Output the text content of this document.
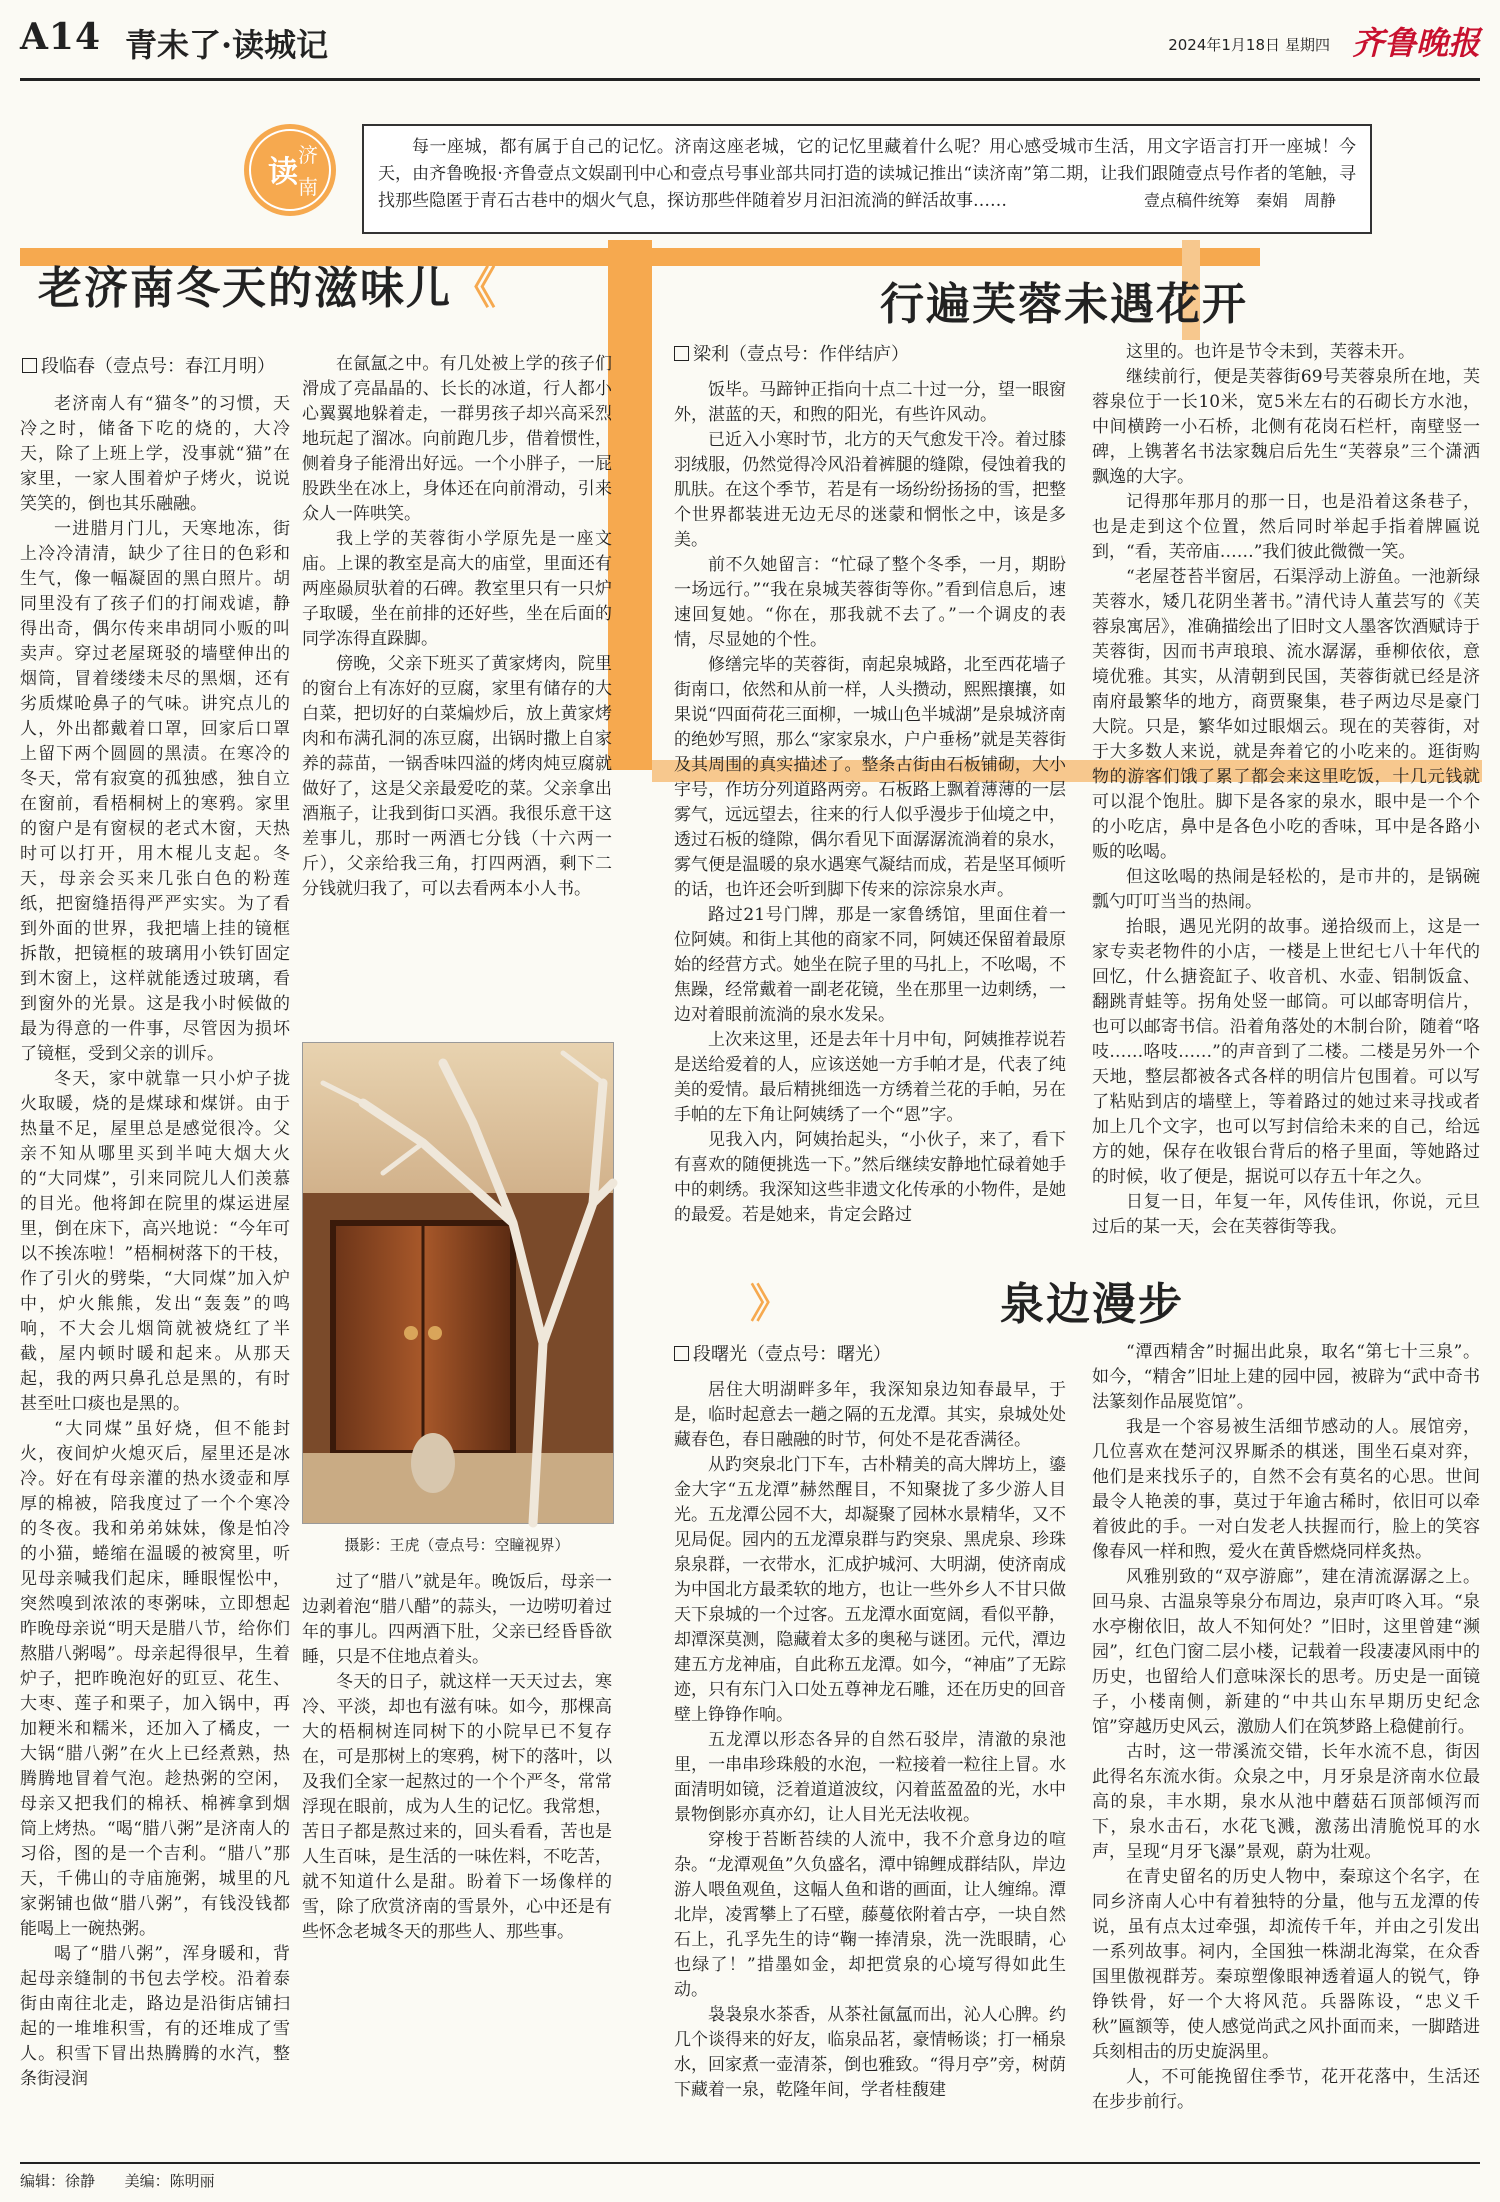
A14 青未了·读城记	2024年1月18日 星期四 齐鲁晚报
读 济
南
每一座城，都有属于自己的记忆。济南这座老城，它的记忆里藏着什么呢？用心感受城市生活，用文字语言打开一座城！今天，由齐鲁晚报·齐鲁壹点文娱副刊中心和壹点号事业部共同打造的读城记推出“读济南”第二期，让我们跟随壹点号作者的笔触，寻找那些隐匿于青石古巷中的烟火气息，探访那些伴随着岁月汩汩流淌的鲜活故事……	壹点稿件统筹　秦娟　周静
老济南冬天的滋味儿《
段临春（壹点号：春江月明）

老济南人有“猫冬”的习惯，天冷之时，储备下吃的烧的，大冷天，除了上班上学，没事就“猫”在家里，一家人围着炉子烤火，说说笑笑的，倒也其乐融融。

一进腊月门儿，天寒地冻，街上冷冷清清，缺少了往日的色彩和生气，像一幅凝固的黑白照片。胡同里没有了孩子们的打闹戏谑，静得出奇，偶尔传来串胡同小贩的叫卖声。穿过老屋斑驳的墙壁伸出的烟筒，冒着缕缕未尽的黑烟，还有劣质煤呛鼻子的气味。讲究点儿的人，外出都戴着口罩，回家后口罩上留下两个圆圆的黑渍。在寒冷的冬天，常有寂寞的孤独感，独自立在窗前，看梧桐树上的寒鸦。家里的窗户是有窗棂的老式木窗，天热时可以打开，用木棍儿支起。冬天，母亲会买来几张白色的粉莲纸，把窗缝捂得严严实实。为了看到外面的世界，我把墙上挂的镜框拆散，把镜框的玻璃用小铁钉固定到木窗上，这样就能透过玻璃，看到窗外的光景。这是我小时候做的最为得意的一件事，尽管因为损坏了镜框，受到父亲的训斥。

冬天，家中就靠一只小炉子拢火取暖，烧的是煤球和煤饼。由于热量不足，屋里总是感觉很冷。父亲不知从哪里买到半吨大烟大火的“大同煤”，引来同院儿人们羡慕的目光。他将卸在院里的煤运进屋里，倒在床下，高兴地说：“今年可以不挨冻啦！”梧桐树落下的干枝，作了引火的劈柴，“大同煤”加入炉中，炉火熊熊，发出“轰轰”的鸣响，不大会儿烟筒就被烧红了半截，屋内顿时暖和起来。从那天起，我的两只鼻孔总是黑的，有时甚至吐口痰也是黑的。

“大同煤”虽好烧，但不能封火，夜间炉火熄灭后，屋里还是冰冷。好在有母亲灌的热水烫壶和厚厚的棉被，陪我度过了一个个寒冷的冬夜。我和弟弟妹妹，像是怕冷的小猫，蜷缩在温暖的被窝里，听见母亲喊我们起床，睡眼惺忪中，突然嗅到浓浓的枣粥味，立即想起昨晚母亲说“明天是腊八节，给你们熬腊八粥喝”。母亲起得很早，生着炉子，把昨晚泡好的豇豆、花生、大枣、莲子和栗子，加入锅中，再加粳米和糯米，还加入了橘皮，一大锅“腊八粥”在火上已经煮熟，热腾腾地冒着气泡。趁热粥的空闲，母亲又把我们的棉袄、棉裤拿到烟筒上烤热。“喝“腊八粥”是济南人的习俗，图的是一个吉利。“腊八”那天，千佛山的寺庙施粥，城里的凡家粥铺也做“腊八粥”，有钱没钱都能喝上一碗热粥。

喝了“腊八粥”，浑身暖和，背起母亲缝制的书包去学校。沿着泰街由南往北走，路边是沿街店铺扫起的一堆堆积雪，有的还堆成了雪人。积雪下冒出热腾腾的水汽，整条街浸润

在氤氲之中。有几处被上学的孩子们滑成了亮晶晶的、长长的冰道，行人都小心翼翼地躲着走，一群男孩子却兴高采烈地玩起了溜冰。向前跑几步，借着惯性，侧着身子能滑出好远。一个小胖子，一屁股跌坐在冰上，身体还在向前滑动，引来众人一阵哄笑。

我上学的芙蓉街小学原先是一座文庙。上课的教室是高大的庙堂，里面还有两座赑屃驮着的石碑。教室里只有一只炉子取暖，坐在前排的还好些，坐在后面的同学冻得直跺脚。

傍晚，父亲下班买了黄家烤肉，院里的窗台上有冻好的豆腐，家里有储存的大白菜，把切好的白菜煸炒后，放上黄家烤肉和布满孔洞的冻豆腐，出锅时撒上自家养的蒜苗，一锅香味四溢的烤肉炖豆腐就做好了，这是父亲最爱吃的菜。父亲拿出酒瓶子，让我到街口买酒。我很乐意干这差事儿，那时一两酒七分钱（十六两一斤），父亲给我三角，打四两酒，剩下二分钱就归我了，可以去看两本小人书。

摄影：王虎（壹点号：空瞳视界）

过了“腊八”就是年。晚饭后，母亲一边剥着泡“腊八醋”的蒜头，一边唠叨着过年的事儿。四两酒下肚，父亲已经昏昏欲睡，只是不住地点着头。

冬天的日子，就这样一天天过去，寒冷、平淡，却也有滋有味。如今，那棵高大的梧桐树连同树下的小院早已不复存在，可是那树上的寒鸦，树下的落叶，以及我们全家一起熬过的一个个严冬，常常浮现在眼前，成为人生的记忆。我常想，苦日子都是熬过来的，回头看看，苦也是人生百味，是生活的一味佐料，不吃苦，就不知道什么是甜。盼着下一场像样的雪，除了欣赏济南的雪景外，心中还是有些怀念老城冬天的那些人、那些事。

行遍芙蓉未遇花开
梁利（壹点号：作伴结庐）

饭毕。马蹄钟正指向十点二十过一分，望一眼窗外，湛蓝的天，和煦的阳光，有些许风动。

已近入小寒时节，北方的天气愈发干冷。着过膝羽绒服，仍然觉得冷风沿着裤腿的缝隙，侵蚀着我的肌肤。在这个季节，若是有一场纷纷扬扬的雪，把整个世界都装进无边无尽的迷蒙和惘怅之中，该是多美。

前不久她留言：“忙碌了整个冬季，一月，期盼一场远行。”“我在泉城芙蓉街等你。”看到信息后，速速回复她。“你在，那我就不去了。”一个调皮的表情，尽显她的个性。

修缮完毕的芙蓉街，南起泉城路，北至西花墙子街南口，依然和从前一样，人头攒动，熙熙攘攘，如果说“四面荷花三面柳，一城山色半城湖”是泉城济南的绝妙写照，那么“家家泉水，户户垂杨”就是芙蓉街及其周围的真实描述了。整条古街由石板铺砌，大小宇号，作坊分列道路两旁。石板路上飘着薄薄的一层雾气，远远望去，往来的行人似乎漫步于仙境之中，透过石板的缝隙，偶尔看见下面潺潺流淌着的泉水，雾气便是温暖的泉水遇寒气凝结而成，若是坚耳倾听的话，也许还会听到脚下传来的淙淙泉水声。

路过21号门牌，那是一家鲁绣馆，里面住着一位阿姨。和街上其他的商家不同，阿姨还保留着最原始的经营方式。她坐在院子里的马扎上，不吆喝，不焦躁，经常戴着一副老花镜，坐在那里一边刺绣，一边对着眼前流淌的泉水发呆。

上次来这里，还是去年十月中旬，阿姨推荐说若是送给爱着的人，应该送她一方手帕才是，代表了纯美的爱情。最后精挑细选一方绣着兰花的手帕，另在手帕的左下角让阿姨绣了一个“恩”字。

见我入内，阿姨抬起头，“小伙子，来了，看下有喜欢的随便挑选一下。”然后继续安静地忙碌着她手中的刺绣。我深知这些非遗文化传承的小物件，是她的最爱。若是她来，肯定会路过

这里的。也许是节令未到，芙蓉未开。

继续前行，便是芙蓉街69号芙蓉泉所在地，芙蓉泉位于一长10米，宽5米左右的石砌长方水池，中间横跨一小石桥，北侧有花岗石栏杆，南壁竖一碑，上镌著名书法家魏启后先生“芙蓉泉”三个潇洒飘逸的大字。

记得那年那月的那一日，也是沿着这条巷子，也是走到这个位置，然后同时举起手指着牌匾说到，“看，芙帝庙……”我们彼此微微一笑。

“老屋苍苔半窗居，石渠浮动上游鱼。一池新绿芙蓉水，矮几花阴坐著书。”清代诗人董芸写的《芙蓉泉寓居》，准确描绘出了旧时文人墨客饮酒赋诗于芙蓉街，因而书声琅琅、流水潺潺，垂柳依依，意境优雅。其实，从清朝到民国，芙蓉街就已经是济南府最繁华的地方，商贾聚集，巷子两边尽是豪门大院。只是，繁华如过眼烟云。现在的芙蓉街，对于大多数人来说，就是奔着它的小吃来的。逛街购物的游客们饿了累了都会来这里吃饭，十几元钱就可以混个饱肚。脚下是各家的泉水，眼中是一个个的小吃店，鼻中是各色小吃的香味，耳中是各路小贩的吆喝。

但这吆喝的热闹是轻松的，是市井的，是锅碗瓢勺叮叮当当的热闹。

抬眼，遇见光阴的故事。递拾级而上，这是一家专卖老物件的小店，一楼是上世纪七八十年代的回忆，什么搪瓷缸子、收音机、水壶、铝制饭盒、翻跳青蛙等。拐角处竖一邮筒。可以邮寄明信片，也可以邮寄书信。沿着角落处的木制台阶，随着“咯吱……咯吱……”的声音到了二楼。二楼是另外一个天地，整层都被各式各样的明信片包围着。可以写了粘贴到店的墙壁上，等着路过的她过来寻找或者加上几个文字，也可以写封信给未来的自己，给远方的她，保存在收银台背后的格子里面，等她路过的时候，收了便是，据说可以存五十年之久。

日复一日，年复一年，风传佳讯，你说，元旦过后的某一天，会在芙蓉街等我。

》	泉边漫步
段曙光（壹点号：曙光）

居住大明湖畔多年，我深知泉边知春最早，于是，临时起意去一趟之隔的五龙潭。其实，泉城处处藏春色，春日融融的时节，何处不是花香满径。

从趵突泉北门下车，古朴精美的高大牌坊上，鎏金大字“五龙潭”赫然醒目，不知聚拢了多少游人目光。五龙潭公园不大，却凝聚了园林水景精华，又不见局促。园内的五龙潭泉群与趵突泉、黑虎泉、珍珠泉泉群，一衣带水，汇成护城河、大明湖，使济南成为中国北方最柔软的地方，也让一些外乡人不甘只做天下泉城的一个过客。五龙潭水面宽阔，看似平静，却潭深莫测，隐藏着太多的奥秘与谜团。元代，潭边建五方龙神庙，自此称五龙潭。如今，“神庙”了无踪迹，只有东门入口处五尊神龙石雕，还在历史的回音壁上铮铮作响。

五龙潭以形态各异的自然石驳岸，清澈的泉池里，一串串珍珠般的水泡，一粒接着一粒往上冒。水面清明如镜，泛着道道波纹，闪着蓝盈盈的光，水中景物倒影亦真亦幻，让人目光无法收视。

穿梭于苔断苔续的人流中，我不介意身边的喧杂。“龙潭观鱼”久负盛名，潭中锦鲤成群结队，岸边游人喂鱼观鱼，这幅人鱼和谐的画面，让人缠绵。潭北岸，凌霄攀上了石壁，藤蔓依附着古亭，一块自然石上，孔孚先生的诗“鞠一捧清泉，洗一洗眼睛，心也绿了！”措墨如金，却把赏泉的心境写得如此生动。

袅袅泉水茶香，从茶社氤氲而出，沁人心脾。约几个谈得来的好友，临泉品茗，豪情畅谈；打一桶泉水，回家煮一壶清茶，倒也雅致。“得月亭”旁，树荫下藏着一泉，乾隆年间，学者桂馥建

“潭西精舍”时掘出此泉，取名“第七十三泉”。如今，“精舍”旧址上建的园中园，被辟为“武中奇书法篆刻作品展览馆”。

我是一个容易被生活细节感动的人。展馆旁，几位喜欢在楚河汉界厮杀的棋迷，围坐石桌对弈，他们是来找乐子的，自然不会有莫名的心思。世间最令人艳羡的事，莫过于年逾古稀时，依旧可以牵着彼此的手。一对白发老人扶握而行，脸上的笑容像春风一样和煦，爱火在黄昏燃烧同样炙热。

风雅别致的“双亭游廊”，建在清流潺潺之上。回马泉、古温泉等泉分布周边，泉声叮咚入耳。“泉水亭榭依旧，故人不知何处？”旧时，这里曾建“濒园”，红色门窗二层小楼，记载着一段凄凄风雨中的历史，也留给人们意味深长的思考。历史是一面镜子，小楼南侧，新建的“中共山东早期历史纪念馆”穿越历史风云，激励人们在筑梦路上稳健前行。

古时，这一带溪流交错，长年水流不息，街因此得名东流水街。众泉之中，月牙泉是济南水位最高的泉，丰水期，泉水从池中蘑菇石顶部倾泻而下，泉水击石，水花飞溅，激荡出清脆悦耳的水声，呈现“月牙飞瀑”景观，蔚为壮观。

在青史留名的历史人物中，秦琼这个名字，在同乡济南人心中有着独特的分量，他与五龙潭的传说，虽有点太过牵强，却流传千年，并由之引发出一系列故事。祠内，全国独一株湖北海棠，在众香国里傲视群芳。秦琼塑像眼神透着逼人的锐气，铮铮铁骨，好一个大将风范。兵器陈设，“忠义千秋”匾额等，使人感觉尚武之风扑面而来，一脚踏进兵刻相击的历史旋涡里。

人，不可能挽留住季节，花开花落中，生活还在步步前行。

编辑：徐静 美编：陈明丽
